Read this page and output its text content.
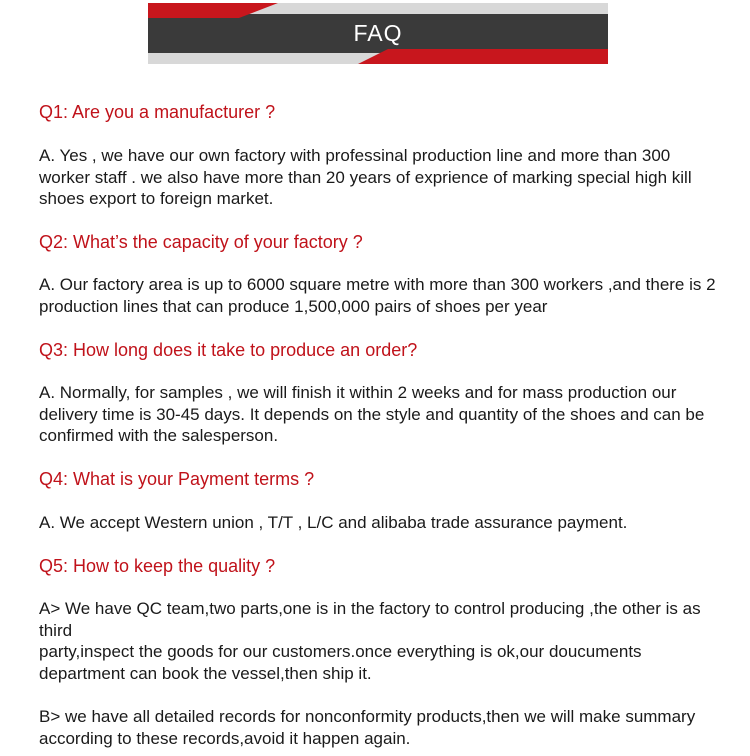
FAQ
Q1: Are you a manufacturer ?

A. Yes , we have our own factory with professinal production line and more than 300 worker staff . we also have more than 20 years of exprience of marking special high kill shoes export to foreign market.

Q2: What’s the capacity of your factory ?

A. Our factory area is up to 6000 square metre with more than 300 workers ,and there is 2 production lines that can produce 1,500,000 pairs of shoes per year

Q3: How long does it take to produce an order?

A. Normally, for samples , we will finish it within 2 weeks and for mass production our delivery time is 30-45 days. It depends on the style and quantity of the shoes and can be confirmed with the salesperson.

Q4: What is your Payment terms ?

A. We accept Western union , T/T , L/C and alibaba trade assurance payment.

Q5: How to keep the quality ?

A> We have QC team,two parts,one is in the factory to control producing ,the other is as third

party,inspect the goods for our customers.once everything is ok,our doucuments department can book the vessel,then ship it.

B> we have all detailed records for nonconformity products,then we will make summary according to these records,avoid it happen again.
